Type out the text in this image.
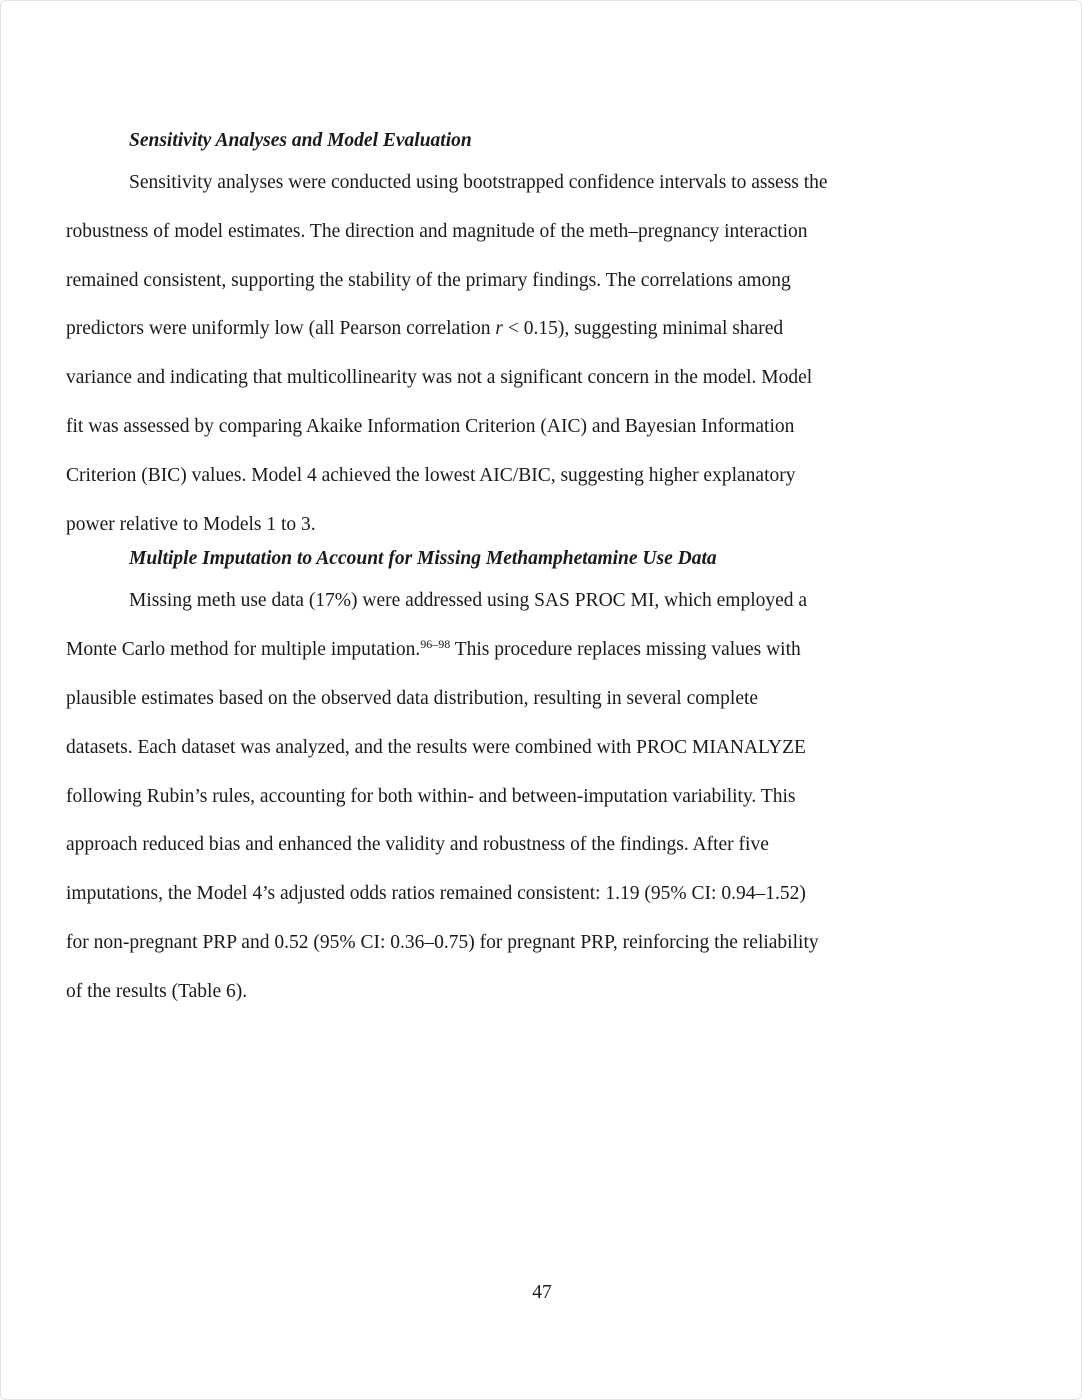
Sensitivity Analyses and Model Evaluation

Sensitivity analyses were conducted using bootstrapped confidence intervals to assess the
robustness of model estimates. The direction and magnitude of the meth–pregnancy interaction
remained consistent, supporting the stability of the primary findings. The correlations among
predictors were uniformly low (all Pearson correlation r < 0.15), suggesting minimal shared
variance and indicating that multicollinearity was not a significant concern in the model. Model
fit was assessed by comparing Akaike Information Criterion (AIC) and Bayesian Information
Criterion (BIC) values. Model 4 achieved the lowest AIC/BIC, suggesting higher explanatory
power relative to Models 1 to 3.

Multiple Imputation to Account for Missing Methamphetamine Use Data

Missing meth use data (17%) were addressed using SAS PROC MI, which employed a
Monte Carlo method for multiple imputation.$^{96-98}$ This procedure replaces missing values with
plausible estimates based on the observed data distribution, resulting in several complete
datasets. Each dataset was analyzed, and the results were combined with PROC MIANALYZE
following Rubin’s rules, accounting for both within- and between-imputation variability. This
approach reduced bias and enhanced the validity and robustness of the findings. After five
imputations, the Model 4’s adjusted odds ratios remained consistent: 1.19 (95% CI: 0.94–1.52)
for non-pregnant PRP and 0.52 (95% CI: 0.36–0.75) for pregnant PRP, reinforcing the reliability
of the results (Table 6).

47
